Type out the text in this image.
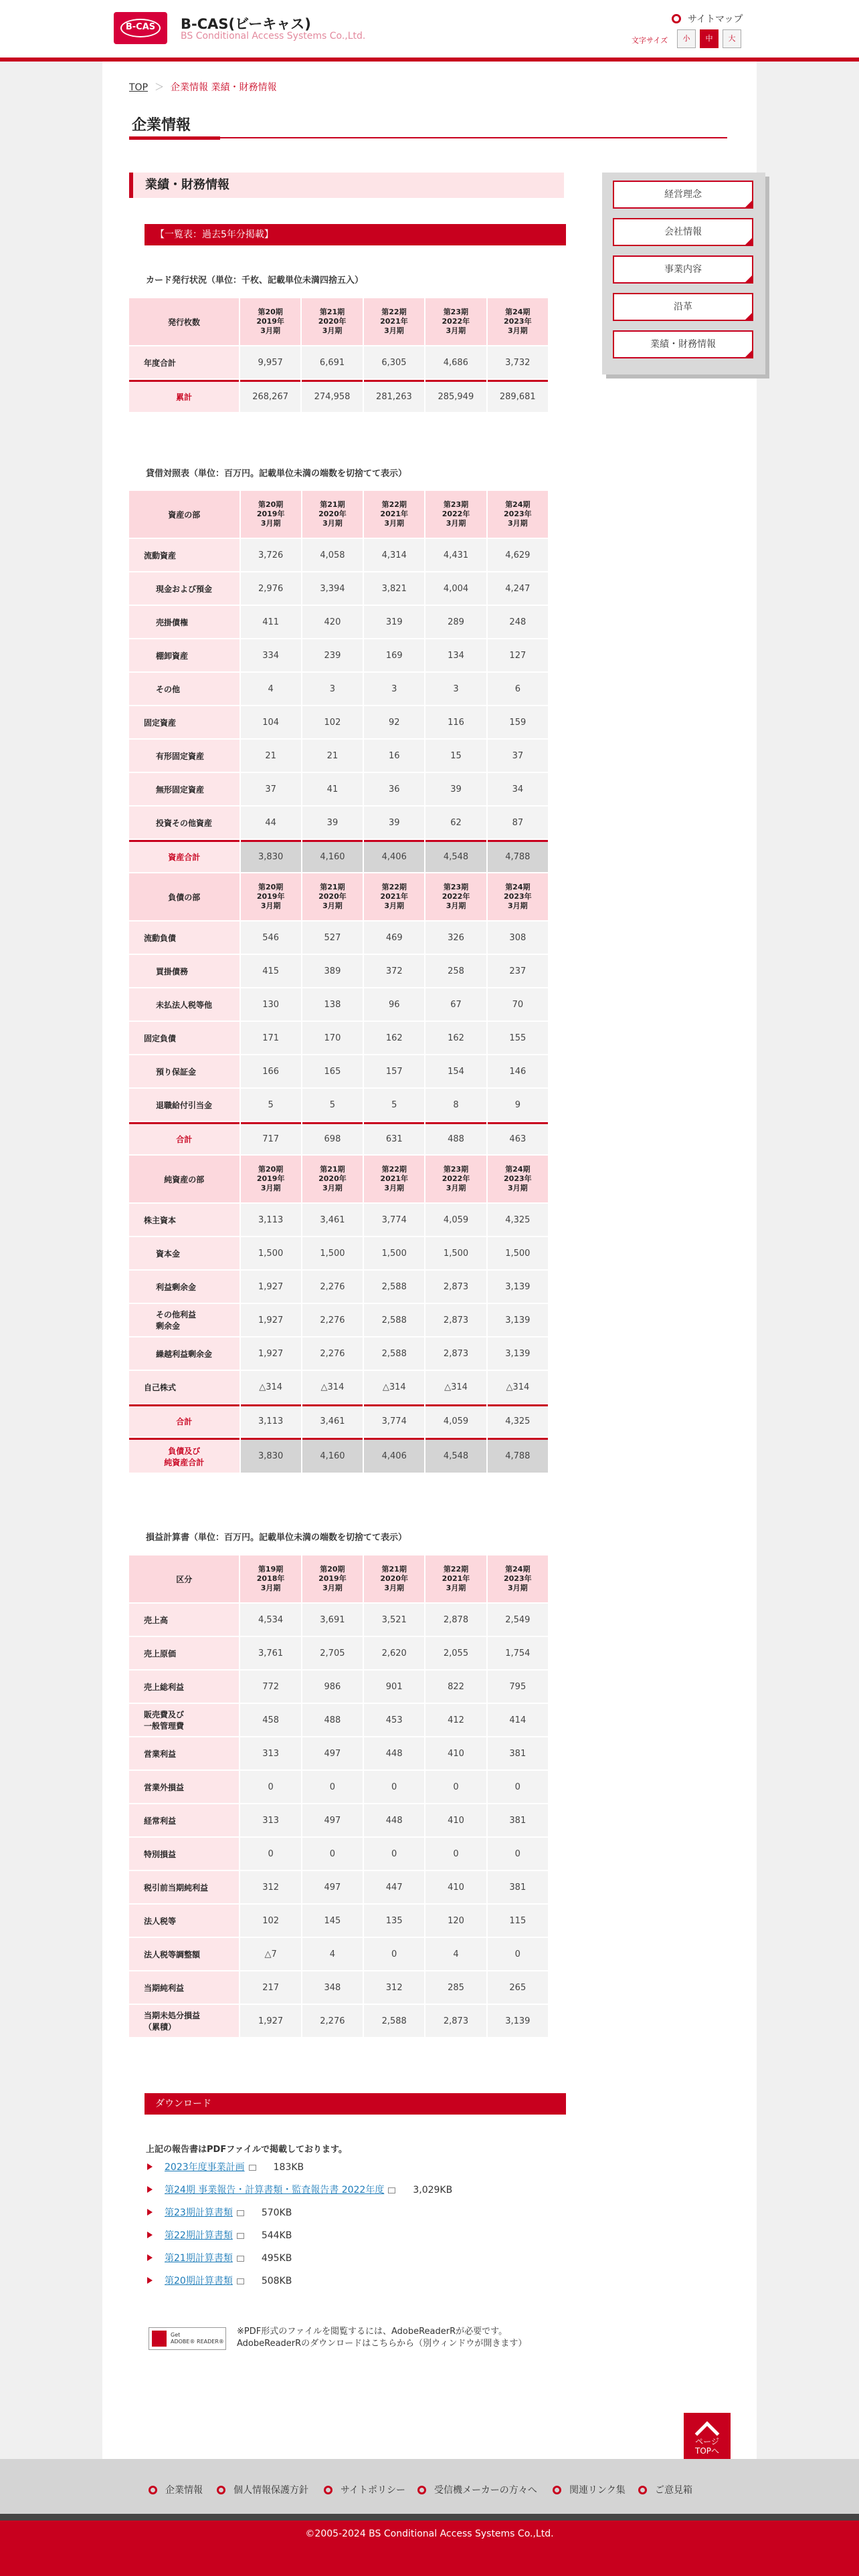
B-CAS	B-CAS(ビーキャス)
BS Conditional Access Systems Co.,Ltd.
サイトマップ
文字サイズ	小	中	大
TOP ＞ 企業情報 業績・財務情報
企業情報
業績・財務情報
【一覧表：過去5年分掲載】
カード発行状況（単位：千枚、記載単位未満四捨五入）
発行枚数	第20期
2019年
3月期	第21期
2020年
3月期	第22期
2021年
3月期	第23期
2022年
3月期	第24期
2023年
3月期
年度合計	9,957	6,691	6,305	4,686	3,732
累計	268,267	274,958	281,263	285,949	289,681
貸借対照表（単位：百万円。記載単位未満の端数を切捨てて表示）
資産の部	第20期
2019年
3月期	第21期
2020年
3月期	第22期
2021年
3月期	第23期
2022年
3月期	第24期
2023年
3月期
流動資産	3,726	4,058	4,314	4,431	4,629
現金および預金	2,976	3,394	3,821	4,004	4,247
売掛債権	411	420	319	289	248
棚卸資産	334	239	169	134	127
その他	4	3	3	3	6
固定資産	104	102	92	116	159
有形固定資産	21	21	16	15	37
無形固定資産	37	41	36	39	34
投資その他資産	44	39	39	62	87
資産合計	3,830	4,160	4,406	4,548	4,788
負債の部	第20期
2019年
3月期	第21期
2020年
3月期	第22期
2021年
3月期	第23期
2022年
3月期	第24期
2023年
3月期
流動負債	546	527	469	326	308
買掛債務	415	389	372	258	237
未払法人税等他	130	138	96	67	70
固定負債	171	170	162	162	155
預り保証金	166	165	157	154	146
退職給付引当金	5	5	5	8	9
合計	717	698	631	488	463
純資産の部	第20期
2019年
3月期	第21期
2020年
3月期	第22期
2021年
3月期	第23期
2022年
3月期	第24期
2023年
3月期
株主資本	3,113	3,461	3,774	4,059	4,325
資本金	1,500	1,500	1,500	1,500	1,500
利益剰余金	1,927	2,276	2,588	2,873	3,139
その他利益
剰余金	1,927	2,276	2,588	2,873	3,139
繰越利益剰余金	1,927	2,276	2,588	2,873	3,139
自己株式	△314	△314	△314	△314	△314
合計	3,113	3,461	3,774	4,059	4,325
負債及び
純資産合計	3,830	4,160	4,406	4,548	4,788
損益計算書（単位：百万円。記載単位未満の端数を切捨てて表示）
区分	第19期
2018年
3月期	第20期
2019年
3月期	第21期
2020年
3月期	第22期
2021年
3月期	第24期
2023年
3月期
売上高	4,534	3,691	3,521	2,878	2,549
売上原価	3,761	2,705	2,620	2,055	1,754
売上総利益	772	986	901	822	795
販売費及び
一般管理費	458	488	453	412	414
営業利益	313	497	448	410	381
営業外損益	0	0	0	0	0
経常利益	313	497	448	410	381
特別損益	0	0	0	0	0
税引前当期純利益	312	497	447	410	381
法人税等	102	145	135	120	115
法人税等調整額	△7	4	0	4	0
当期純利益	217	348	312	285	265
当期未処分損益
（累積）	1,927	2,276	2,588	2,873	3,139
ダウンロード
上記の報告書はPDFファイルで掲載しております。
2023年度事業計画	183KB
第24期 事業報告・計算書類・監査報告書 2022年度	3,029KB
第23期計算書類	570KB
第22期計算書類	544KB
第21期計算書類	495KB
第20期計算書類	508KB
Get
ADOBE® READER®
※PDF形式のファイルを閲覧するには、AdobeReaderRが必要です。
AdobeReaderRのダウンロードはこちらから（別ウィンドウが開きます）
経営理念
会社情報
事業内容
沿革
業績・財務情報
ページ
TOPへ
企業情報	個人情報保護方針	サイトポリシー	受信機メーカーの方々へ	関連リンク集	ご意見箱
©2005-2024 BS Conditional Access Systems Co.,Ltd.
